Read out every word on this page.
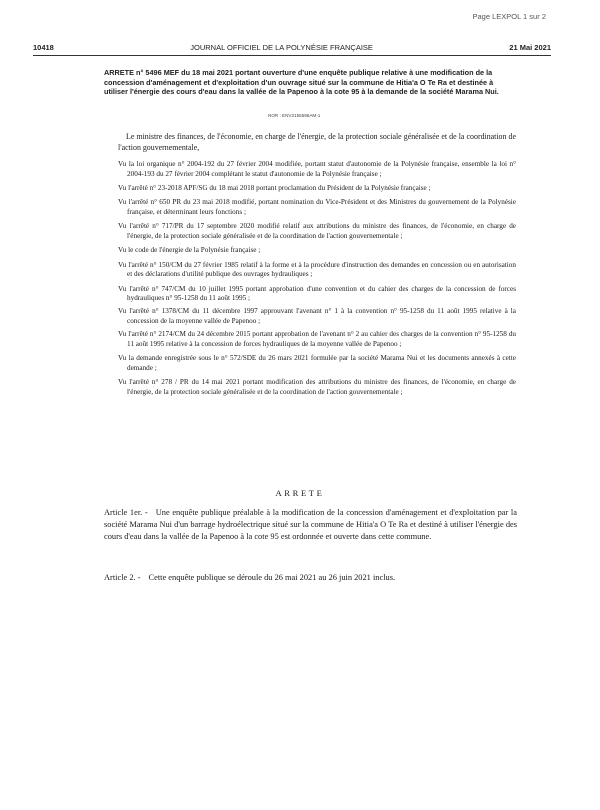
Page LEXPOL 1 sur 2
10418	JOURNAL OFFICIEL DE LA POLYNÉSIE FRANÇAISE	21 Mai 2021
ARRETE n° 5496 MEF du 18 mai 2021 portant ouverture d'une enquête publique relative à une modification de la concession d'aménagement et d'exploitation d'un ouvrage situé sur la commune de Hitia'a O Te Ra et destinée à utiliser l'énergie des cours d'eau dans la vallée de la Papenoo à la cote 95 à la demande de la société Marama Nui.
NOR : ENV2155596AM-1
Le ministre des finances, de l'économie, en charge de l'énergie, de la protection sociale généralisée et de la coordination de l'action gouvernementale,
Vu la loi organique n° 2004-192 du 27 février 2004 modifiée, portant statut d'autonomie de la Polynésie française, ensemble la loi n° 2004-193 du 27 février 2004 complétant le statut d'autonomie de la Polynésie française ;
Vu l'arrêté n° 23-2018 APF/SG du 18 mai 2018 portant proclamation du Président de la Polynésie française ;
Vu l'arrêté n° 650 PR du 23 mai 2018 modifié, portant nomination du Vice-Président et des Ministres du gouvernement de la Polynésie française, et déterminant leurs fonctions ;
Vu l'arrêté n° 717/PR du 17 septembre 2020 modifié relatif aux attributions du ministre des finances, de l'économie, en charge de l'énergie, de la protection sociale généralisée et de la coordination de l'action gouvernementale ;
Vu le code de l'énergie de la Polynésie française ;
Vu l'arrêté n° 150/CM du 27 février 1985 relatif à la forme et à la procédure d'instruction des demandes en concession ou en autorisation et des déclarations d'utilité publique des ouvrages hydrauliques ;
Vu l'arrêté n° 747/CM du 10 juillet 1995 portant approbation d'une convention et du cahier des charges de la concession de forces hydrauliques n° 95-1258 du 11 août 1995 ;
Vu l'arrêté n° 1378/CM du 11 décembre 1997 approuvant l'avenant n° 1 à la convention n° 95-1258 du 11 août 1995 relative à la concession de la moyenne vallée de Papenoo ;
Vu l'arrêté n° 2174/CM du 24 décembre 2015 portant approbation de l'avenant n° 2 au cahier des charges de la convention n° 95-1258 du 11 août 1995 relative à la concession de forces hydrauliques de la moyenne vallée de Papenoo ;
Vu la demande enregistrée sous le n° 572/SDE du 26 mars 2021 formulée par la société Marama Nui et les documents annexés à cette demande ;
Vu l'arrêté n° 278 / PR du 14 mai 2021 portant modification des attributions du ministre des finances, de l'économie, en charge de l'énergie, de la protection sociale généralisée et de la coordination de l'action gouvernementale ;
ARRETE
Article 1er. - Une enquête publique préalable à la modification de la concession d'aménagement et d'exploitation par la société Marama Nui d'un barrage hydroélectrique situé sur la commune de Hitia'a O Te Ra et destiné à utiliser l'énergie des cours d'eau dans la vallée de la Papenoo à la cote 95 est ordonnée et ouverte dans cette commune.
Article 2. - Cette enquête publique se déroule du 26 mai 2021 au 26 juin 2021 inclus.
